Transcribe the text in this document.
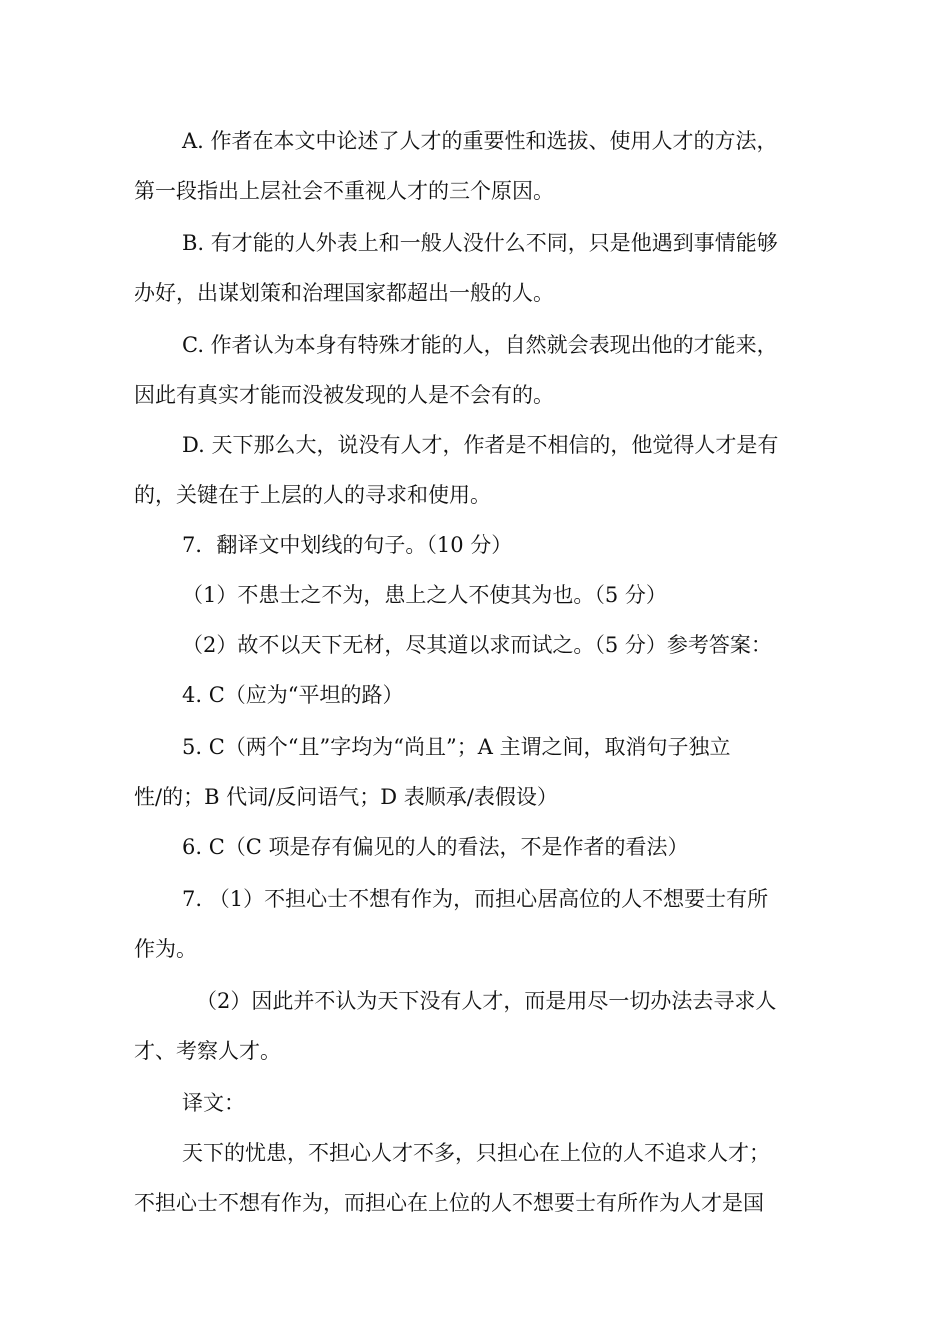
A. 作者在本文中论述了人才的重要性和选拔、使用人才的方法，
第一段指出上层社会不重视人才的三个原因。
B. 有才能的人外表上和一般人没什么不同，只是他遇到事情能够
办好，出谋划策和治理国家都超出一般的人。
C. 作者认为本身有特殊才能的人，自然就会表现出他的才能来，
因此有真实才能而没被发现的人是不会有的。
D. 天下那么大，说没有人才，作者是不相信的，他觉得人才是有
的，关键在于上层的人的寻求和使用。
7．翻译文中划线的句子。（10 分）
（1）不患士之不为，患上之人不使其为也。（5 分）
（2）故不以天下无材，尽其道以求而试之。（5 分）参考答案：
4. C（应为“平坦的路）
5. C（两个“且”字均为“尚且”；A 主谓之间，取消句子独立
性/的；B 代词/反问语气；D 表顺承/表假设）
6. C（C 项是存有偏见的人的看法，不是作者的看法）
7. （1）不担心士不想有作为，而担心居高位的人不想要士有所
作为。
（2）因此并不认为天下没有人才，而是用尽一切办法去寻求人
才、考察人才。
译文：
天下的忧患，不担心人才不多，只担心在上位的人不追求人才；
不担心士不想有作为，而担心在上位的人不想要士有所作为人才是国
